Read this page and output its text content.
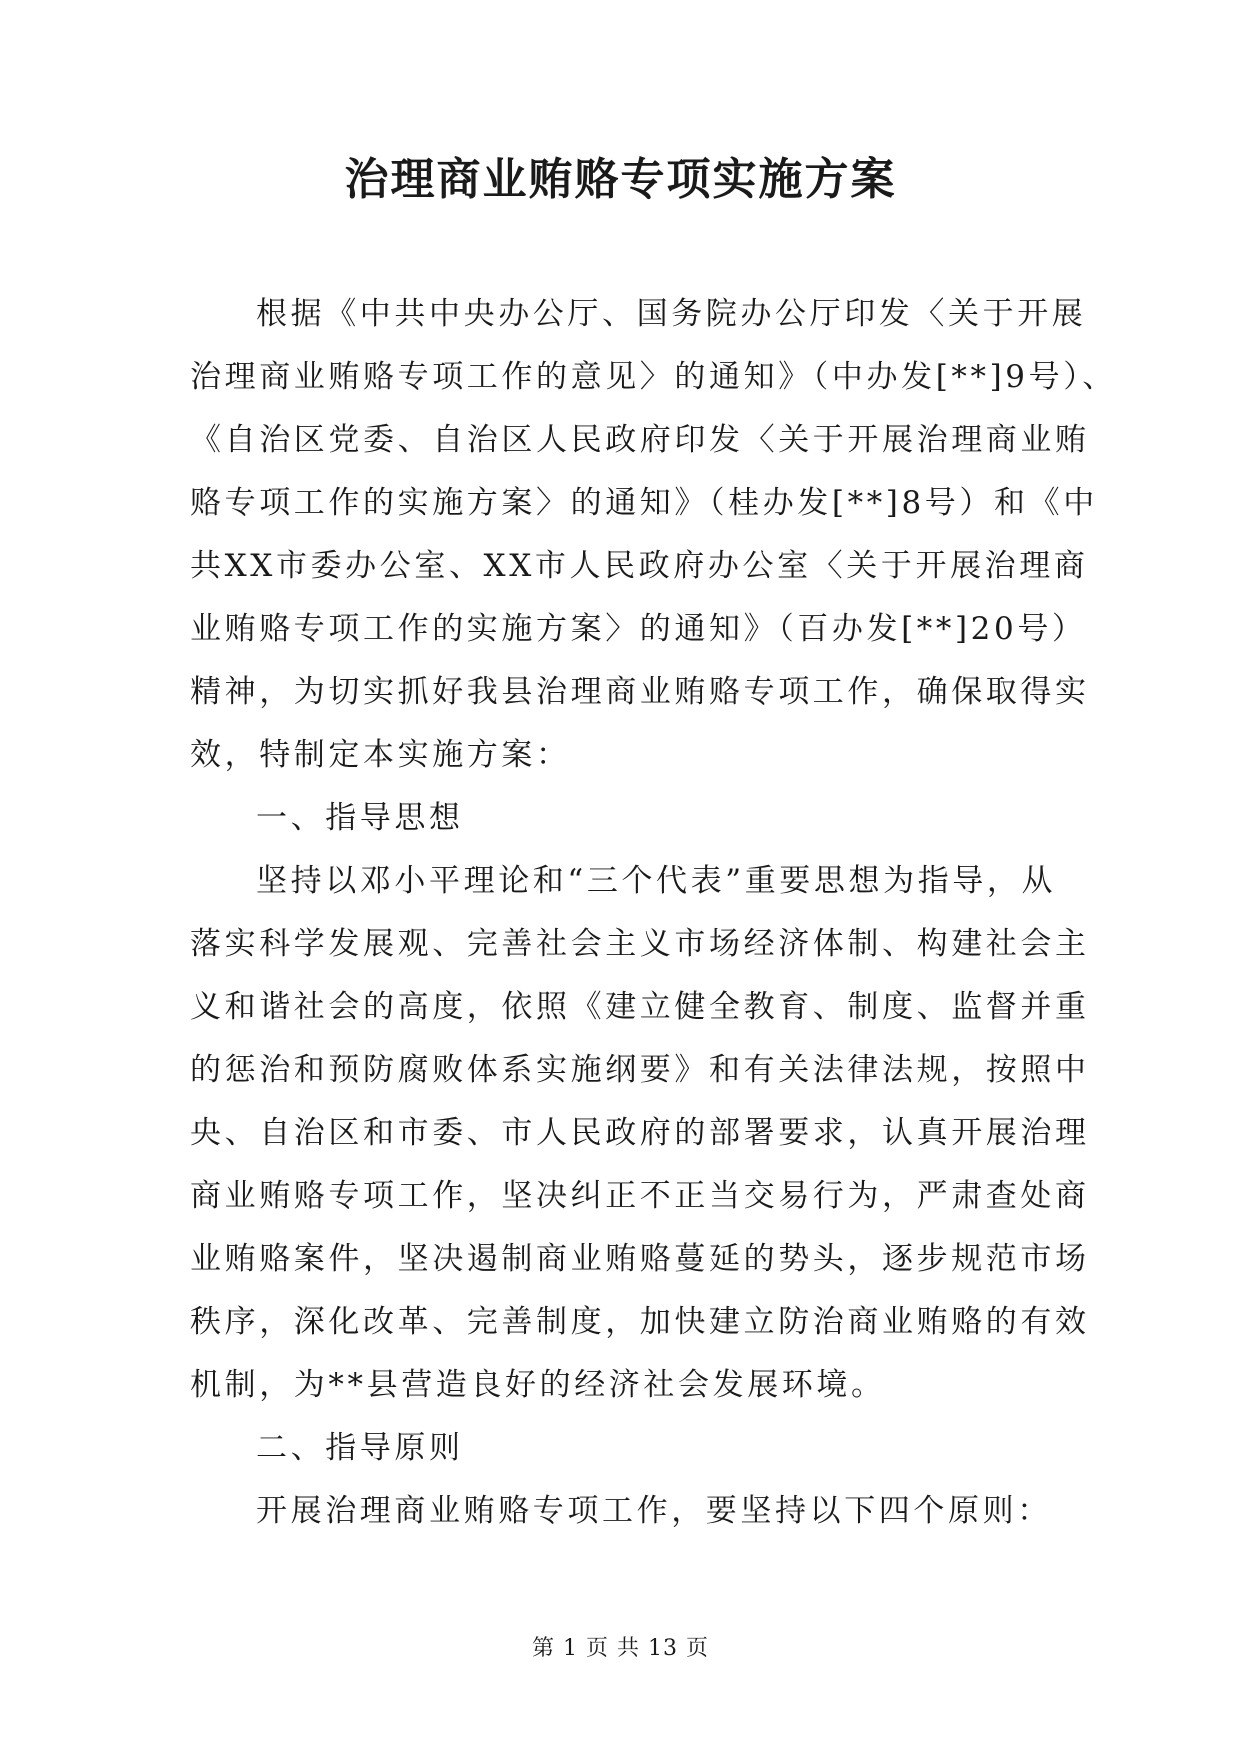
治理商业贿赂专项实施方案
根据《中共中央办公厅、国务院办公厅印发〈关于开展
治理商业贿赂专项工作的意见〉的通知》（中办发[**]9号）、
《自治区党委、自治区人民政府印发〈关于开展治理商业贿
赂专项工作的实施方案〉的通知》（桂办发[**]8号）和《中
共XX市委办公室、XX市人民政府办公室〈关于开展治理商
业贿赂专项工作的实施方案〉的通知》（百办发[**]20号）
精神，为切实抓好我县治理商业贿赂专项工作，确保取得实
效，特制定本实施方案：
一、指导思想
坚持以邓小平理论和“三个代表”重要思想为指导，从
落实科学发展观、完善社会主义市场经济体制、构建社会主
义和谐社会的高度，依照《建立健全教育、制度、监督并重
的惩治和预防腐败体系实施纲要》和有关法律法规，按照中
央、自治区和市委、市人民政府的部署要求，认真开展治理
商业贿赂专项工作，坚决纠正不正当交易行为，严肃查处商
业贿赂案件，坚决遏制商业贿赂蔓延的势头，逐步规范市场
秩序，深化改革、完善制度，加快建立防治商业贿赂的有效
机制，为**县营造良好的经济社会发展环境。
二、指导原则
开展治理商业贿赂专项工作，要坚持以下四个原则：
第 1 页 共 13 页
